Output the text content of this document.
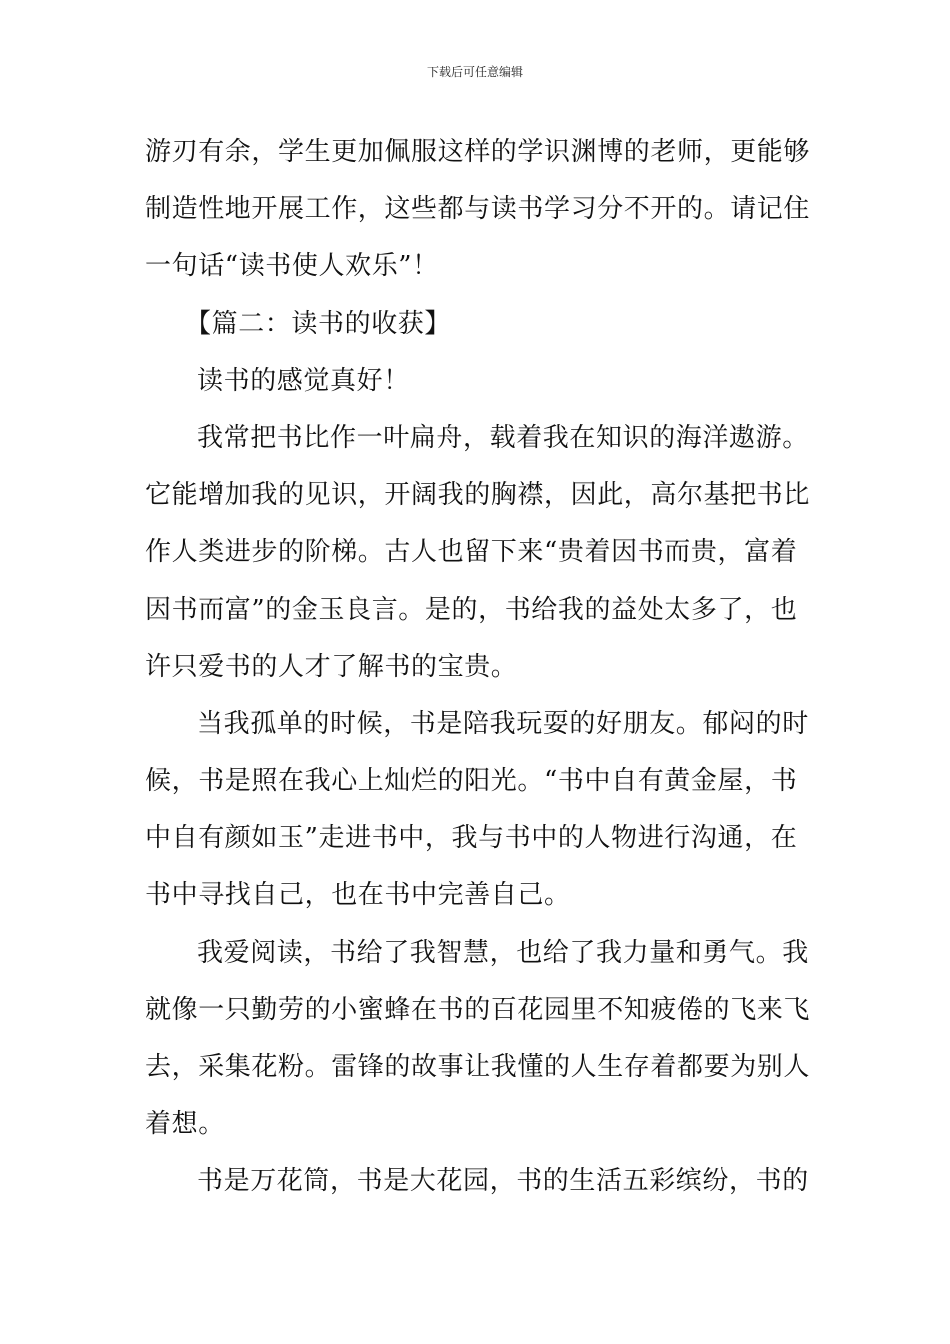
下载后可任意编辑
游刃有余，学生更加佩服这样的学识渊博的老师，更能够
制造性地开展工作，这些都与读书学习分不开的。请记住
一句话“读书使人欢乐”！
【篇二：读书的收获】
读书的感觉真好！
我常把书比作一叶扁舟，载着我在知识的海洋遨游。
它能增加我的见识，开阔我的胸襟，因此，高尔基把书比
作人类进步的阶梯。古人也留下来“贵着因书而贵，富着
因书而富”的金玉良言。是的，书给我的益处太多了，也
许只爱书的人才了解书的宝贵。
当我孤单的时候，书是陪我玩耍的好朋友。郁闷的时
候，书是照在我心上灿烂的阳光。“书中自有黄金屋，书
中自有颜如玉”走进书中，我与书中的人物进行沟通，在
书中寻找自己，也在书中完善自己。
我爱阅读，书给了我智慧，也给了我力量和勇气。我
就像一只勤劳的小蜜蜂在书的百花园里不知疲倦的飞来飞
去，采集花粉。雷锋的故事让我懂的人生存着都要为别人
着想。
书是万花筒，书是大花园，书的生活五彩缤纷，书的
